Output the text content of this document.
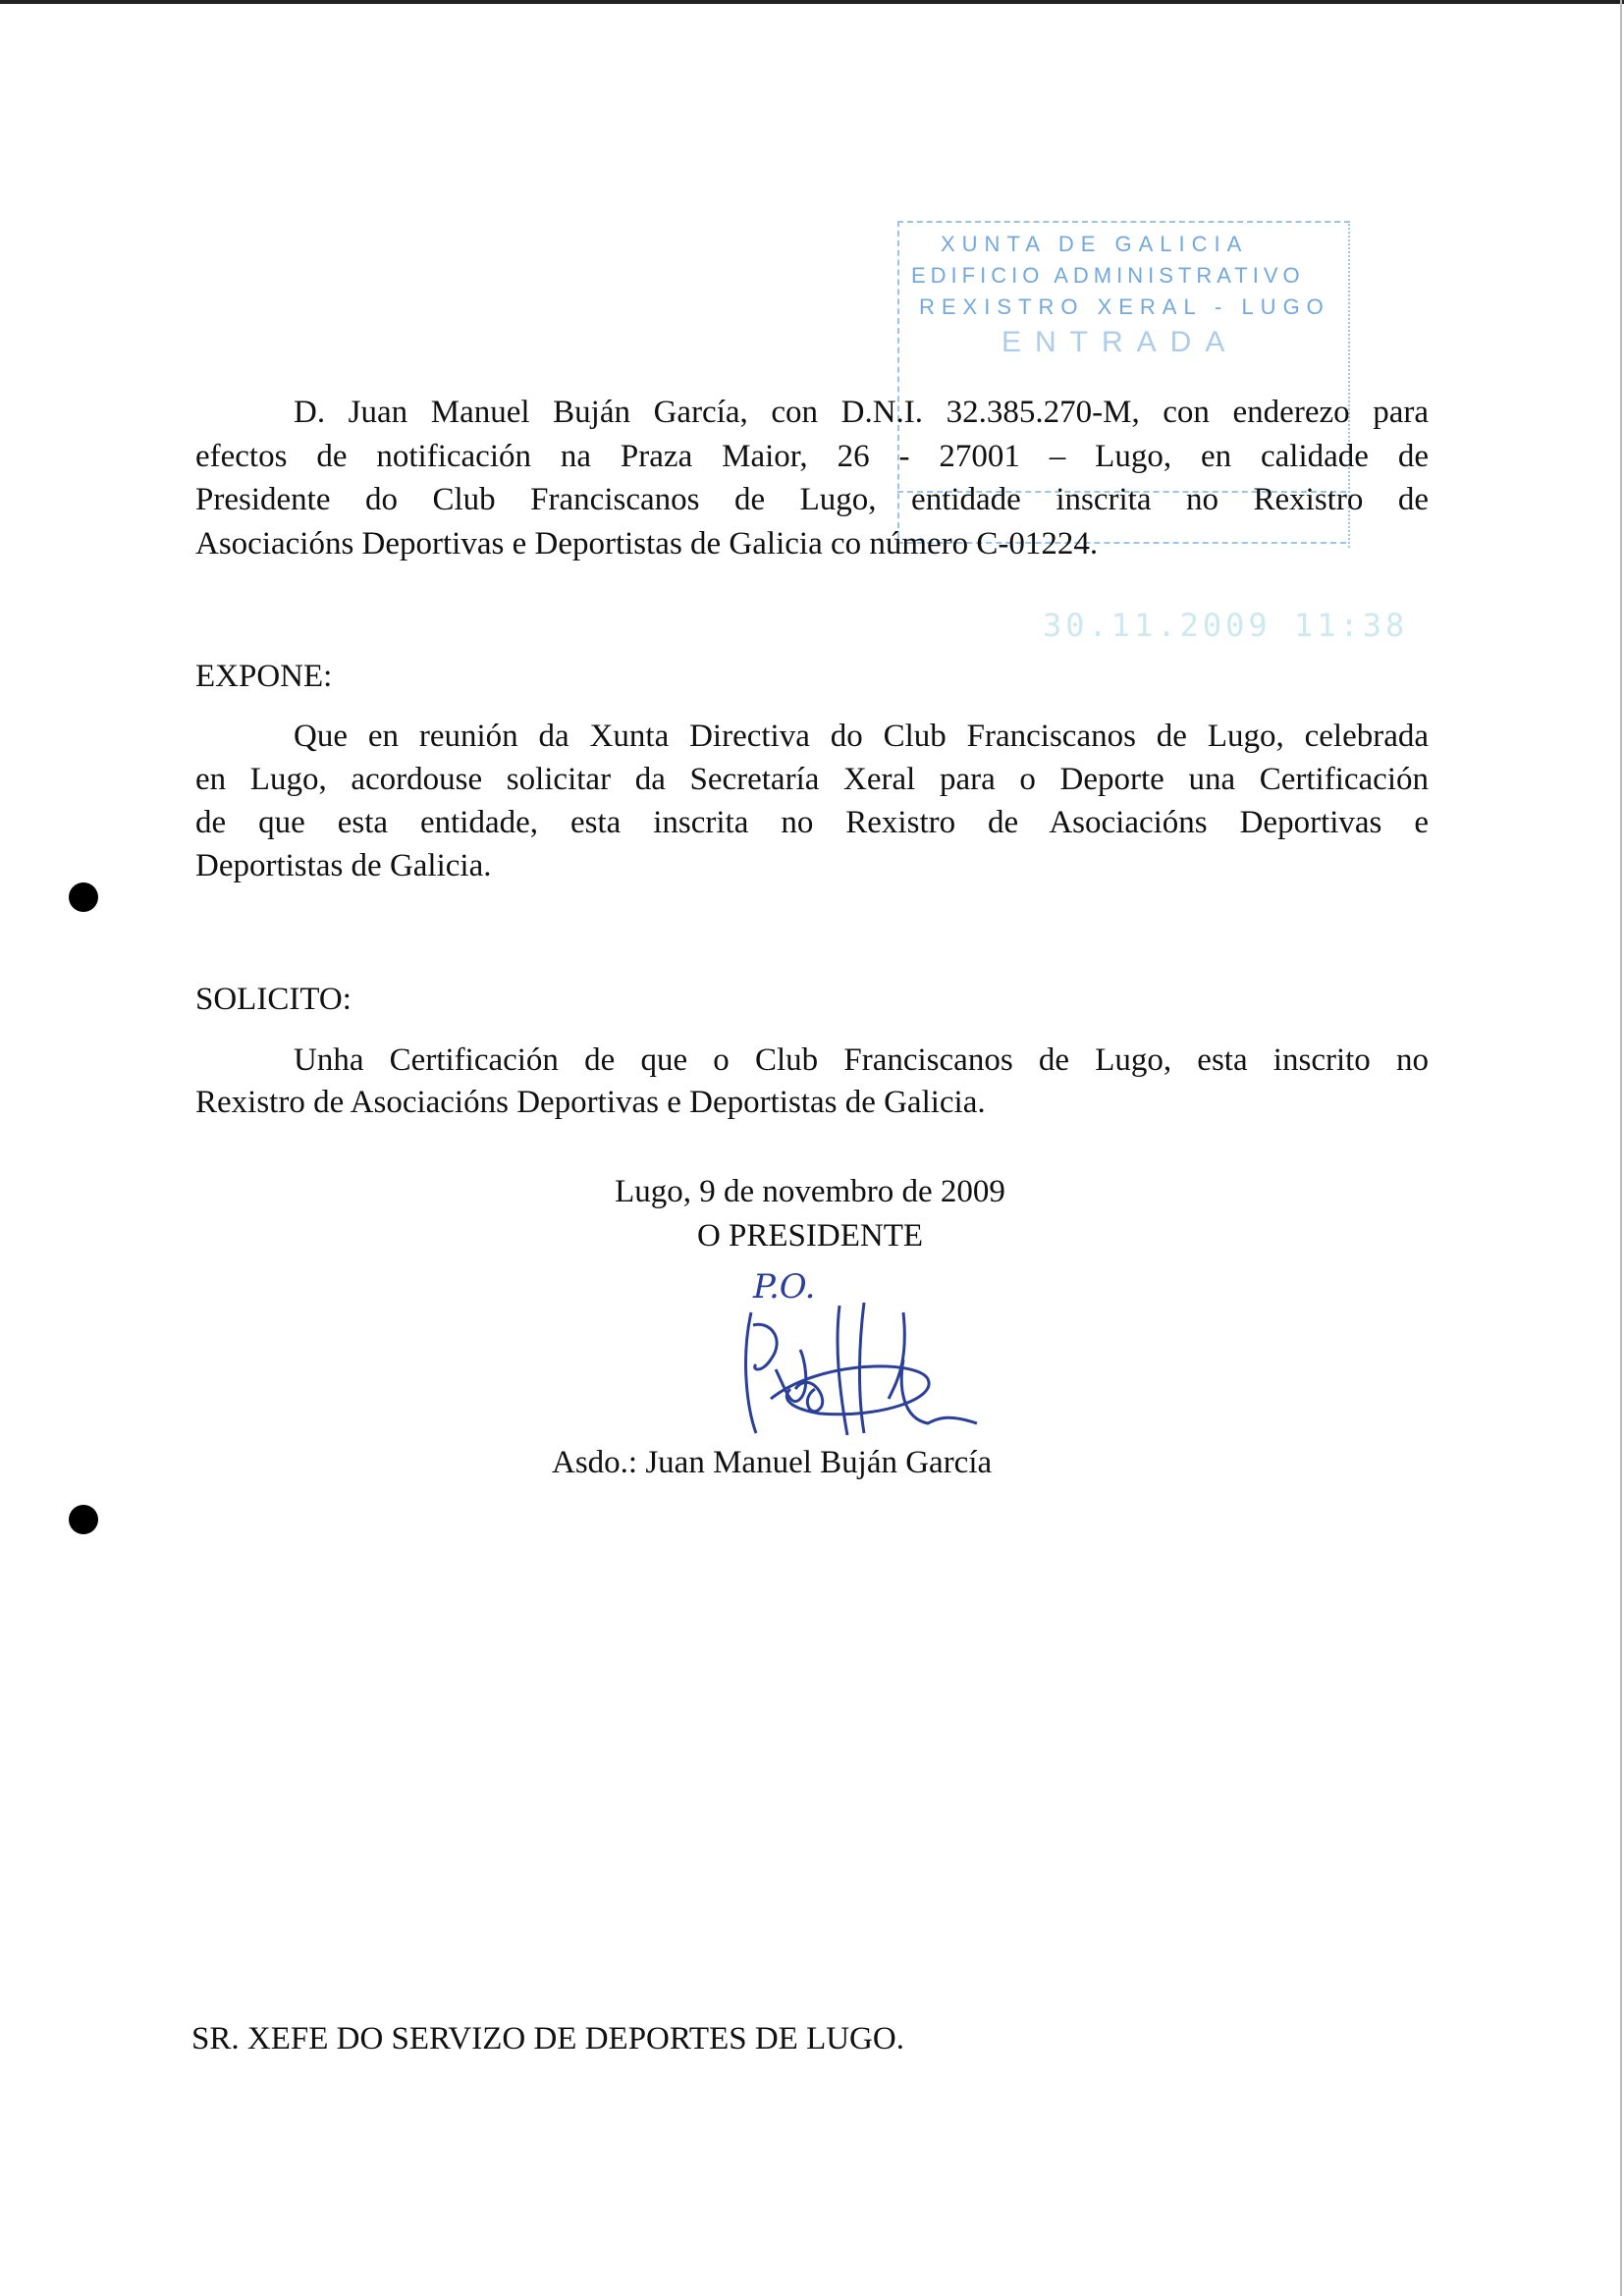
XUNTA DE GALICIA
EDIFICIO ADMINISTRATIVO
REXISTRO XERAL - LUGO
ENTRADA
30.11.2009 11:38
D. Juan Manuel Buján García, con D.N.I. 32.385.270-M, con enderezo para
efectos de notificación na Praza Maior, 26 - 27001 – Lugo, en calidade de
Presidente do Club Franciscanos de Lugo, entidade inscrita no Rexistro de
Asociacións Deportivas e Deportistas de Galicia co número C-01224.
EXPONE:
Que en reunión da Xunta Directiva do Club Franciscanos de Lugo, celebrada
en Lugo, acordouse solicitar da Secretaría Xeral para o Deporte una Certificación
de que esta entidade, esta inscrita no Rexistro de Asociacións Deportivas e
Deportistas de Galicia.
SOLICITO:
Unha Certificación de que o Club Franciscanos de Lugo, esta inscrito no
Rexistro de Asociacións Deportivas e Deportistas de Galicia.
Lugo, 9 de novembro de 2009
O PRESIDENTE
P.O.
Asdo.: Juan Manuel Buján García
SR. XEFE DO SERVIZO DE DEPORTES DE LUGO.
